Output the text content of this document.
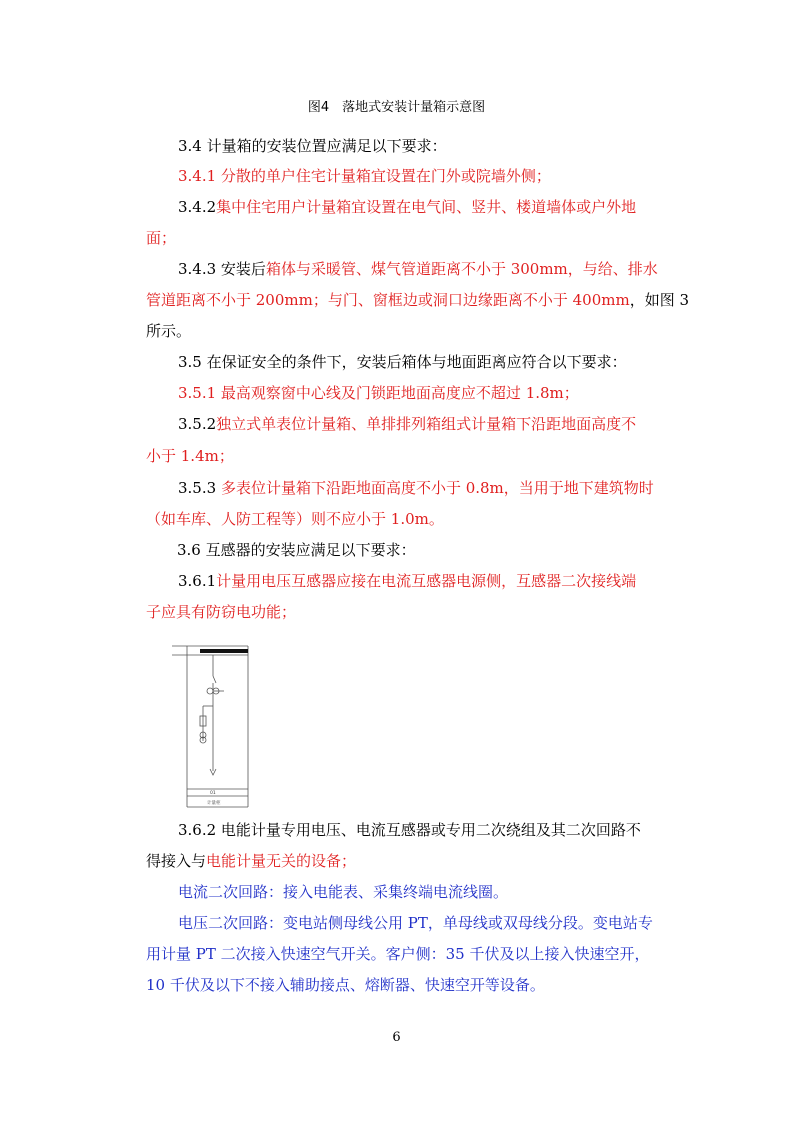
图4　落地式安装计量箱示意图
3.4 计量箱的安装位置应满足以下要求：
3.4.1 分散的单户住宅计量箱宜设置在门外或院墙外侧；
3.4.2集中住宅用户计量箱宜设置在电气间、竖井、楼道墙体或户外地
面；
3.4.3 安装后箱体与采暖管、煤气管道距离不小于 300mm，与给、排水
管道距离不小于 200mm；与门、窗框边或洞口边缘距离不小于 400mm，如图 3
所示。
3.5 在保证安全的条件下，安装后箱体与地面距离应符合以下要求：
3.5.1 最高观察窗中心线及门锁距地面高度应不超过 1.8m；
3.5.2独立式单表位计量箱、单排排列箱组式计量箱下沿距地面高度不
小于 1.4m；
3.5.3 多表位计量箱下沿距地面高度不小于 0.8m，当用于地下建筑物时
（如车库、人防工程等）则不应小于 1.0m。
3.6 互感器的安装应满足以下要求：
3.6.1计量用电压互感器应接在电流互感器电源侧，互感器二次接线端
子应具有防窃电功能；
01
计量柜
3.6.2 电能计量专用电压、电流互感器或专用二次绕组及其二次回路不
得接入与电能计量无关的设备；
电流二次回路：接入电能表、采集终端电流线圈。
电压二次回路：变电站侧母线公用 PT，单母线或双母线分段。变电站专
用计量 PT 二次接入快速空气开关。客户侧：35 千伏及以上接入快速空开，
10 千伏及以下不接入辅助接点、熔断器、快速空开等设备。
6
